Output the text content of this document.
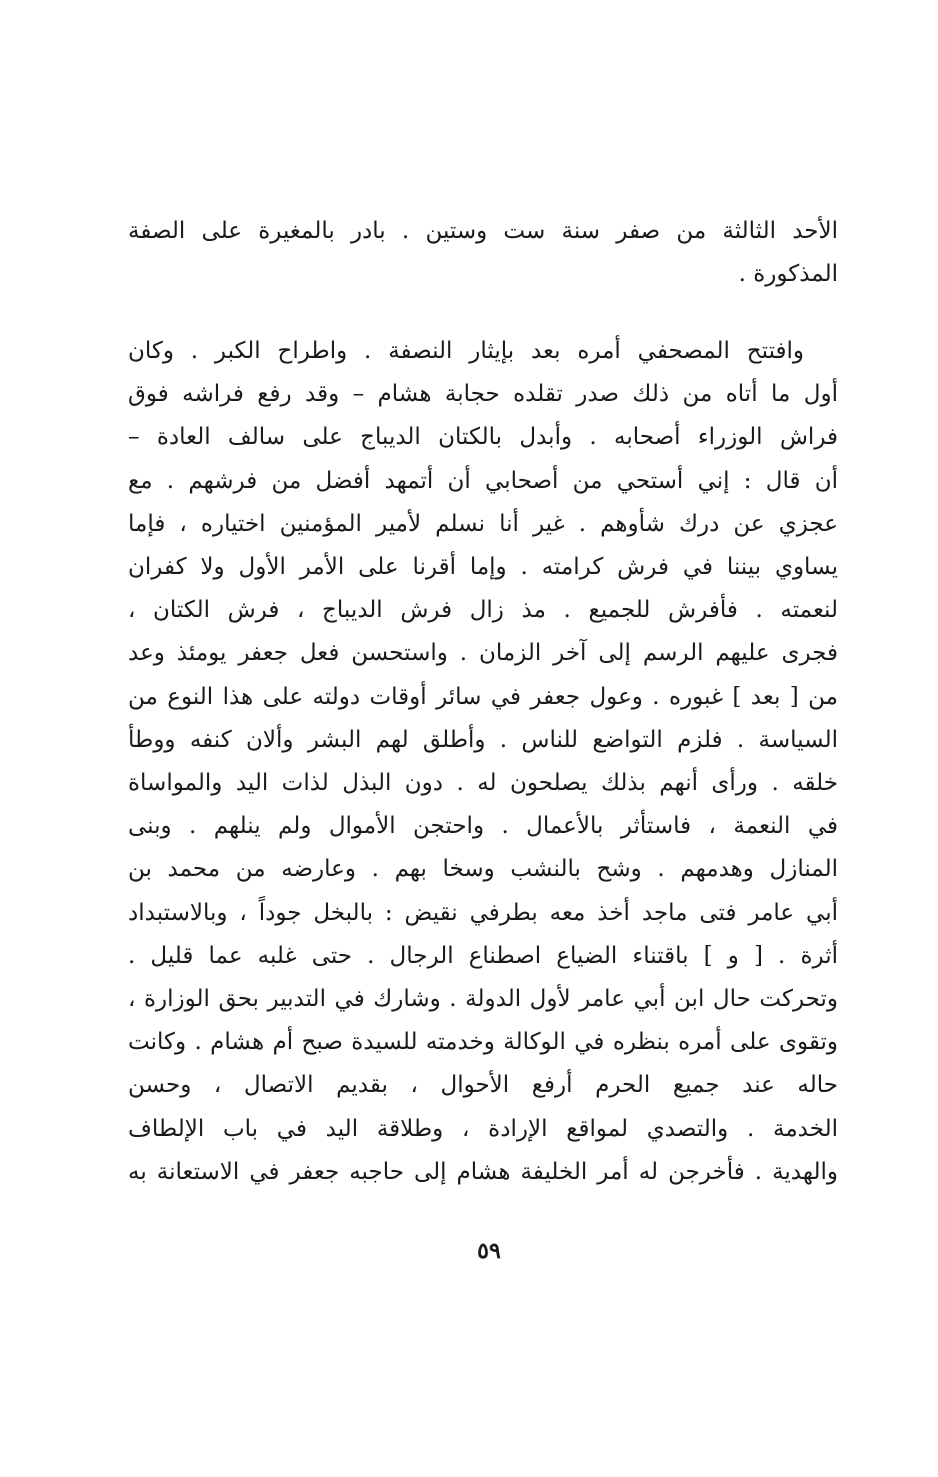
الأحد الثالثة من صفر سنة ست وستين . بادر بالمغيرة على الصفة
المذكورة .
وافتتح المصحفي أمره بعد بإيثار النصفة . واطراح الكبر . وكان
أول ما أتاه من ذلك صدر تقلده حجابة هشام – وقد رفع فراشه فوق
فراش الوزراء أصحابه . وأبدل بالكتان الديباج على سالف العادة –
أن قال : إني أستحي من أصحابي أن أتمهد أفضل من فرشهم . مع
عجزي عن درك شأوهم . غير أنا نسلم لأمير المؤمنين اختياره ، فإما
يساوي بيننا في فرش كرامته . وإما أقرنا على الأمر الأول ولا كفران
لنعمته . فأفرش للجميع . مذ زال فرش الديباج ، فرش الكتان ،
فجرى عليهم الرسم إلى آخر الزمان . واستحسن فعل جعفر يومئذ وعد
من [ بعد ] غبوره . وعول جعفر في سائر أوقات دولته على هذا النوع من
السياسة . فلزم التواضع للناس . وأطلق لهم البشر وألان كنفه ووطأ
خلقه . ورأى أنهم بذلك يصلحون له . دون البذل لذات اليد والمواساة
في النعمة ، فاستأثر بالأعمال . واحتجن الأموال ولم ينلهم . وبنى
المنازل وهدمهم . وشح بالنشب وسخا بهم . وعارضه من محمد بن
أبي عامر فتى ماجد أخذ معه بطرفي نقيض : بالبخل جوداً ، وبالاستبداد
أثرة . [ و ] باقتناء الضياع اصطناع الرجال . حتى غلبه عما قليل .
وتحركت حال ابن أبي عامر لأول الدولة . وشارك في التدبير بحق الوزارة ،
وتقوى على أمره بنظره في الوكالة وخدمته للسيدة صبح أم هشام . وكانت
حاله عند جميع الحرم أرفع الأحوال ، بقديم الاتصال ، وحسن
الخدمة . والتصدي لمواقع الإرادة ، وطلاقة اليد في باب الإلطاف
والهدية . فأخرجن له أمر الخليفة هشام إلى حاجبه جعفر في الاستعانة به
٥٩
